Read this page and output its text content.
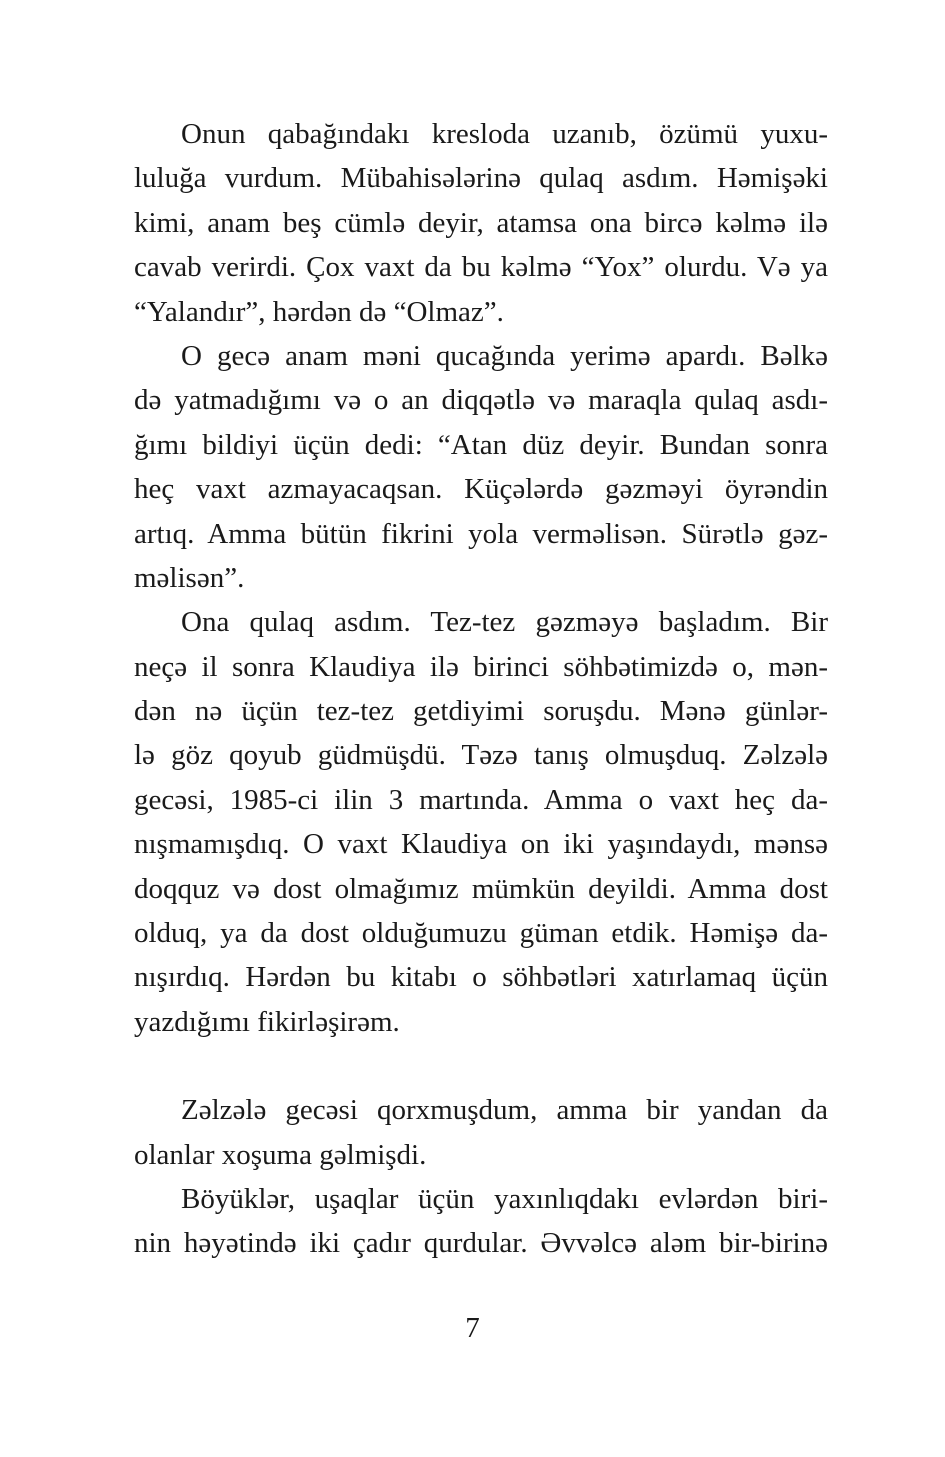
Onun qabağındakı kresloda uzanıb, özümü yuxu-
luluğa vurdum. Mübahisələrinə qulaq asdım. Həmişəki
kimi, anam beş cümlə deyir, atamsa ona bircə kəlmə ilə
cavab verirdi. Çox vaxt da bu kəlmə “Yox” olurdu. Və ya
“Yalandır”, hərdən də “Olmaz”.
O gecə anam məni qucağında yerimə apardı. Bəlkə
də yatmadığımı və o an diqqətlə və maraqla qulaq asdı-
ğımı bildiyi üçün dedi: “Atan düz deyir. Bundan sonra
heç vaxt azmayacaqsan. Küçələrdə gəzməyi öyrəndin
artıq. Amma bütün fikrini yola verməlisən. Sürətlə gəz-
məlisən”.
Ona qulaq asdım. Tez-tez gəzməyə başladım. Bir
neçə il sonra Klaudiya ilə birinci söhbətimizdə o, mən-
dən nə üçün tez-tez getdiyimi soruşdu. Mənə günlər-
lə göz qoyub güdmüşdü. Təzə tanış olmuşduq. Zəlzələ
gecəsi, 1985-ci ilin 3 martında. Amma o vaxt heç da-
nışmamışdıq. O vaxt Klaudiya on iki yaşındaydı, mənsə
doqquz və dost olmağımız mümkün deyildi. Amma dost
olduq, ya da dost olduğumuzu güman etdik. Həmişə da-
nışırdıq. Hərdən bu kitabı o söhbətləri xatırlamaq üçün
yazdığımı fikirləşirəm.
Zəlzələ gecəsi qorxmuşdum, amma bir yandan da
olanlar xoşuma gəlmişdi.
Böyüklər, uşaqlar üçün yaxınlıqdakı evlərdən biri-
nin həyətində iki çadır qurdular. Əvvəlcə aləm bir-birinə
7
